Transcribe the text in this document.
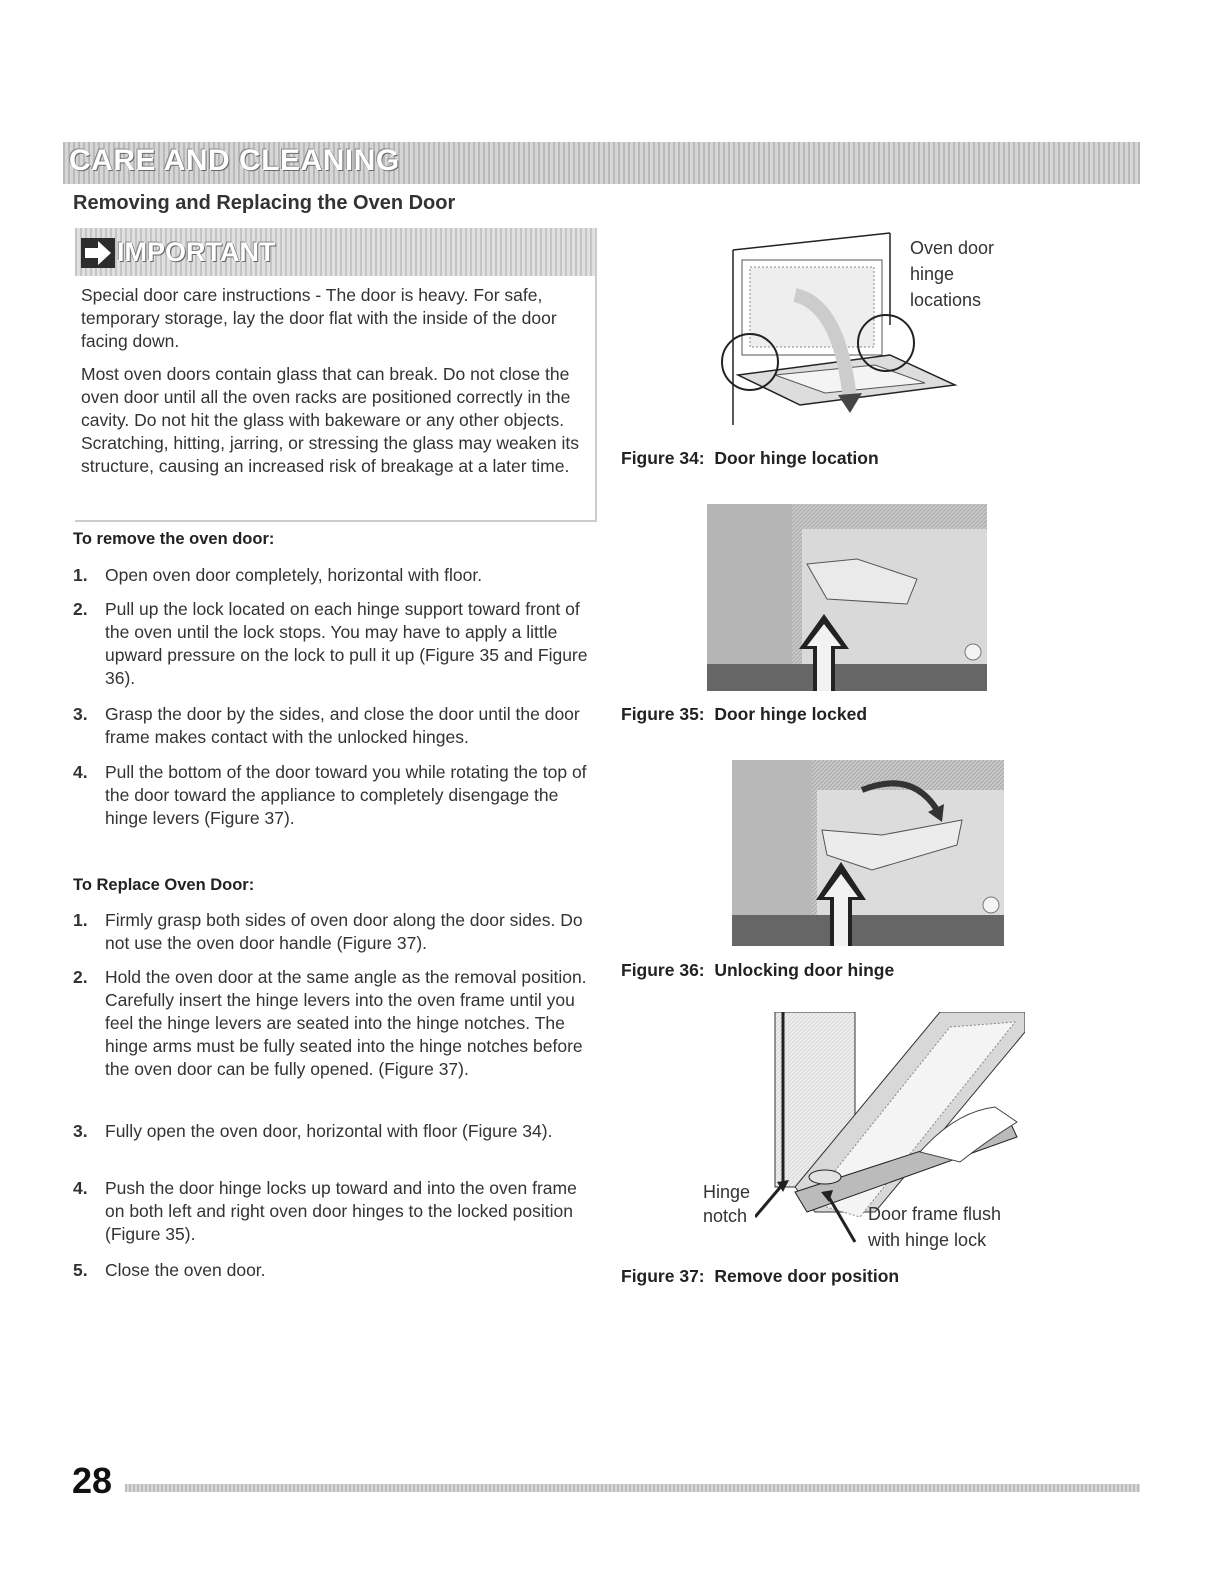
CARE AND CLEANING
Removing and Replacing the Oven Door
IMPORTANT

Special door care instructions - The door is heavy. For safe, temporary storage, lay the door flat with the inside of the door facing down.

Most oven doors contain glass that can break. Do not close the oven door until all the oven racks are positioned correctly in the cavity. Do not hit the glass with bakeware or any other objects. Scratching, hitting, jarring, or stressing the glass may weaken its structure, causing an increased risk of breakage at a later time.

To remove the oven door:
1. Open oven door completely, horizontal with floor.
2. Pull up the lock located on each hinge support toward front of the oven until the lock stops. You may have to apply a little upward pressure on the lock to pull it up (Figure 35 and Figure 36).
3. Grasp the door by the sides, and close the door until the door frame makes contact with the unlocked hinges.
4. Pull the bottom of the door toward you while rotating the top of the door toward the appliance to completely disengage the hinge levers (Figure 37).
To Replace Oven Door:
1. Firmly grasp both sides of oven door along the door sides. Do not use the oven door handle (Figure 37).
2. Hold the oven door at the same angle as the removal position. Carefully insert the hinge levers into the oven frame until you feel the hinge levers are seated into the hinge notches. The hinge arms must be fully seated into the hinge notches before the oven door can be fully opened. (Figure 37).
3. Fully open the oven door, horizontal with floor (Figure 34).
4. Push the door hinge locks up toward and into the oven frame on both left and right oven door hinges to the locked position (Figure 35).
5. Close the oven door.
Oven door
hinge
locations
Figure 34:  Door hinge location
Figure 35:  Door hinge locked
Figure 36:  Unlocking door hinge
Hinge
notch	Door frame flush
with hinge lock
Figure 37:  Remove door position
28
